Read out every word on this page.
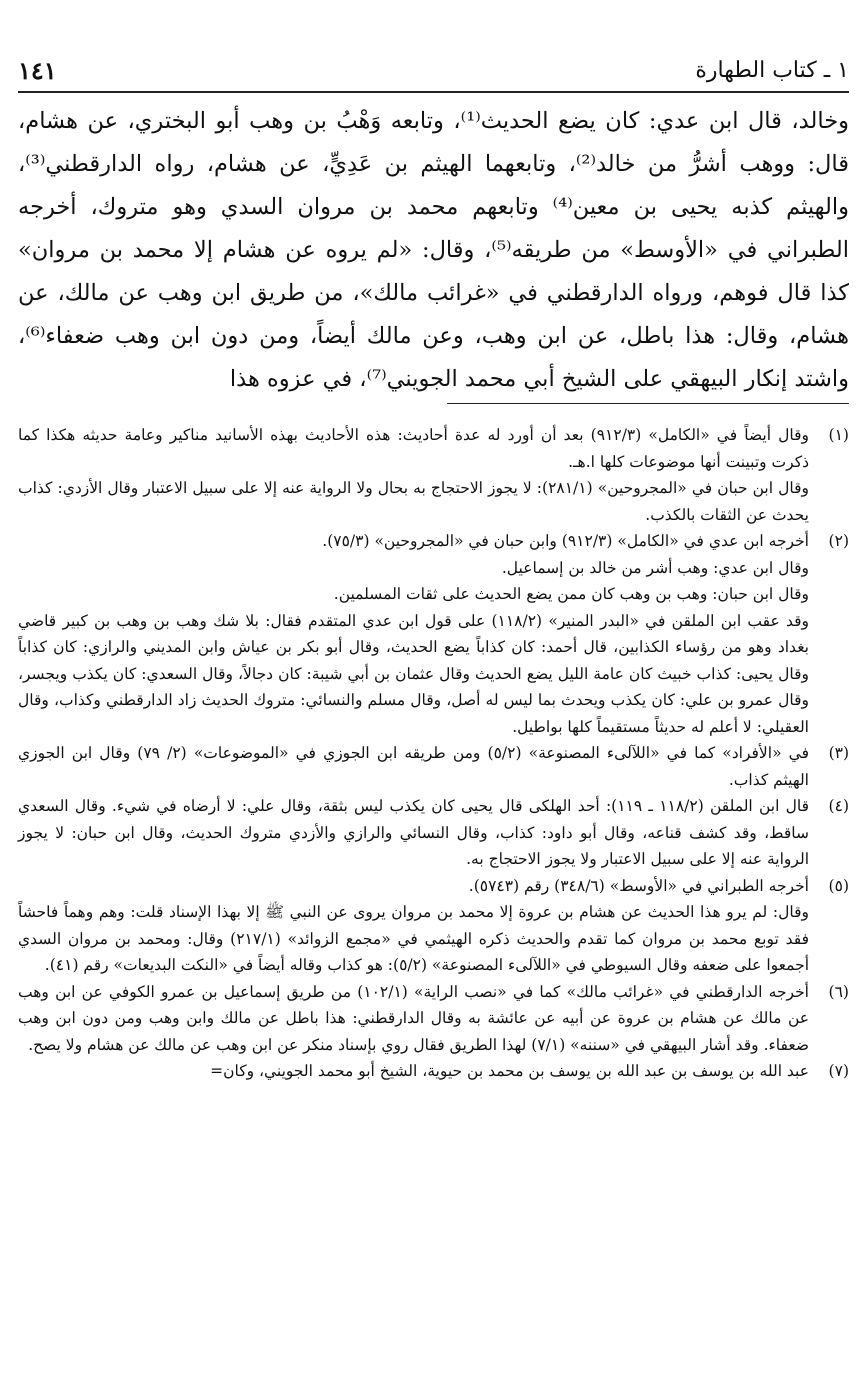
١ ـ كتاب الطهارة
١٤١

وخالد، قال ابن عدي: كان يضع الحديث⁽¹⁾، وتابعه وَهْبُ بن وهب أبو البختري، عن هشام، قال: ووهب أشرُّ من خالد⁽²⁾، وتابعهما الهيثم بن عَدِيٍّ، عن هشام، رواه الدارقطني⁽³⁾، والهيثم كذبه يحيى بن معين⁽⁴⁾ وتابعهم محمد بن مروان السدي وهو متروك، أخرجه الطبراني في «الأوسط» من طريقه⁽⁵⁾، وقال: «لم يروه عن هشام إلا محمد بن مروان» كذا قال فوهم، ورواه الدارقطني في «غرائب مالك»، من طريق ابن وهب عن مالك، عن هشام، وقال: هذا باطل، عن ابن وهب، وعن مالك أيضاً، ومن دون ابن وهب ضعفاء⁽⁶⁾، واشتد إنكار البيهقي على الشيخ أبي محمد الجويني⁽⁷⁾، في عزوه هذا

(١)وقال أيضاً في «الكامل» (٩١٢/٣) بعد أن أورد له عدة أحاديث: هذه الأحاديث بهذه الأسانيد مناكير وعامة حديثه هكذا كما ذكرت وتبينت أنها موضوعات كلها ا.هـ.

وقال ابن حبان في «المجروحين» (٢٨١/١): لا يجوز الاحتجاج به بحال ولا الرواية عنه إلا على سبيل الاعتبار وقال الأزدي: كذاب يحدث عن الثقات بالكذب.

(٢)أخرجه ابن عدي في «الكامل» (٩١٢/٣) وابن حبان في «المجروحين» (٧٥/٣).

وقال ابن عدي: وهب أشر من خالد بن إسماعيل.

وقال ابن حبان: وهب بن وهب كان ممن يضع الحديث على ثقات المسلمين.

وقد عقب ابن الملقن في «البدر المنير» (١١٨/٢) على قول ابن عدي المتقدم فقال: بلا شك وهب بن وهب بن كبير قاضي بغداد وهو من رؤساء الكذابين، قال أحمد: كان كذاباً يضع الحديث، وقال أبو بكر بن عياش وابن المديني والرازي: كان كذاباً وقال يحيى: كذاب خبيث كان عامة الليل يضع الحديث وقال عثمان بن أبي شيبة: كان دجالاً، وقال السعدي: كان يكذب ويجسر، وقال عمرو بن علي: كان يكذب ويحدث بما ليس له أصل، وقال مسلم والنسائي: متروك الحديث زاد الدارقطني وكذاب، وقال العقيلي: لا أعلم له حديثاً مستقيماً كلها بواطيل.

(٣)في «الأفراد» كما في «اللآلىء المصنوعة» (٥/٢) ومن طريقه ابن الجوزي في «الموضوعات» (٢/ ٧٩) وقال ابن الجوزي الهيثم كذاب.

(٤)قال ابن الملقن (١١٨/٢ ـ ١١٩): أحد الهلكى قال يحيى كان يكذب ليس بثقة، وقال علي: لا أرضاه في شيء. وقال السعدي ساقط، وقد كشف قناعه، وقال أبو داود: كذاب، وقال النسائي والرازي والأزدي متروك الحديث، وقال ابن حبان: لا يجوز الرواية عنه إلا على سبيل الاعتبار ولا يجوز الاحتجاج به.

(٥)أخرجه الطبراني في «الأوسط» (٣٤٨/٦) رقم (٥٧٤٣).

وقال: لم يرو هذا الحديث عن هشام بن عروة إلا محمد بن مروان يروى عن النبي ﷺ إلا بهذا الإسناد قلت: وهم وهماً فاحشاً فقد توبع محمد بن مروان كما تقدم والحديث ذكره الهيثمي في «مجمع الزوائد» (٢١٧/١) وقال: ومحمد بن مروان السدي أجمعوا على ضعفه وقال السيوطي في «اللآلىء المصنوعة» (٥/٢): هو كذاب وقاله أيضاً في «النكت البديعات» رقم (٤١).

(٦)أخرجه الدارقطني في «غرائب مالك» كما في «نصب الراية» (١٠٢/١) من طريق إسماعيل بن عمرو الكوفي عن ابن وهب عن مالك عن هشام بن عروة عن أبيه عن عائشة به وقال الدارقطني: هذا باطل عن مالك وابن وهب ومن دون ابن وهب ضعفاء. وقد أشار البيهقي في «سننه» (٧/١) لهذا الطريق فقال روي بإسناد منكر عن ابن وهب عن مالك عن هشام ولا يصح.

(٧)عبد الله بن يوسف بن عبد الله بن يوسف بن محمد بن حيوية، الشيخ أبو محمد الجويني، وكان=
